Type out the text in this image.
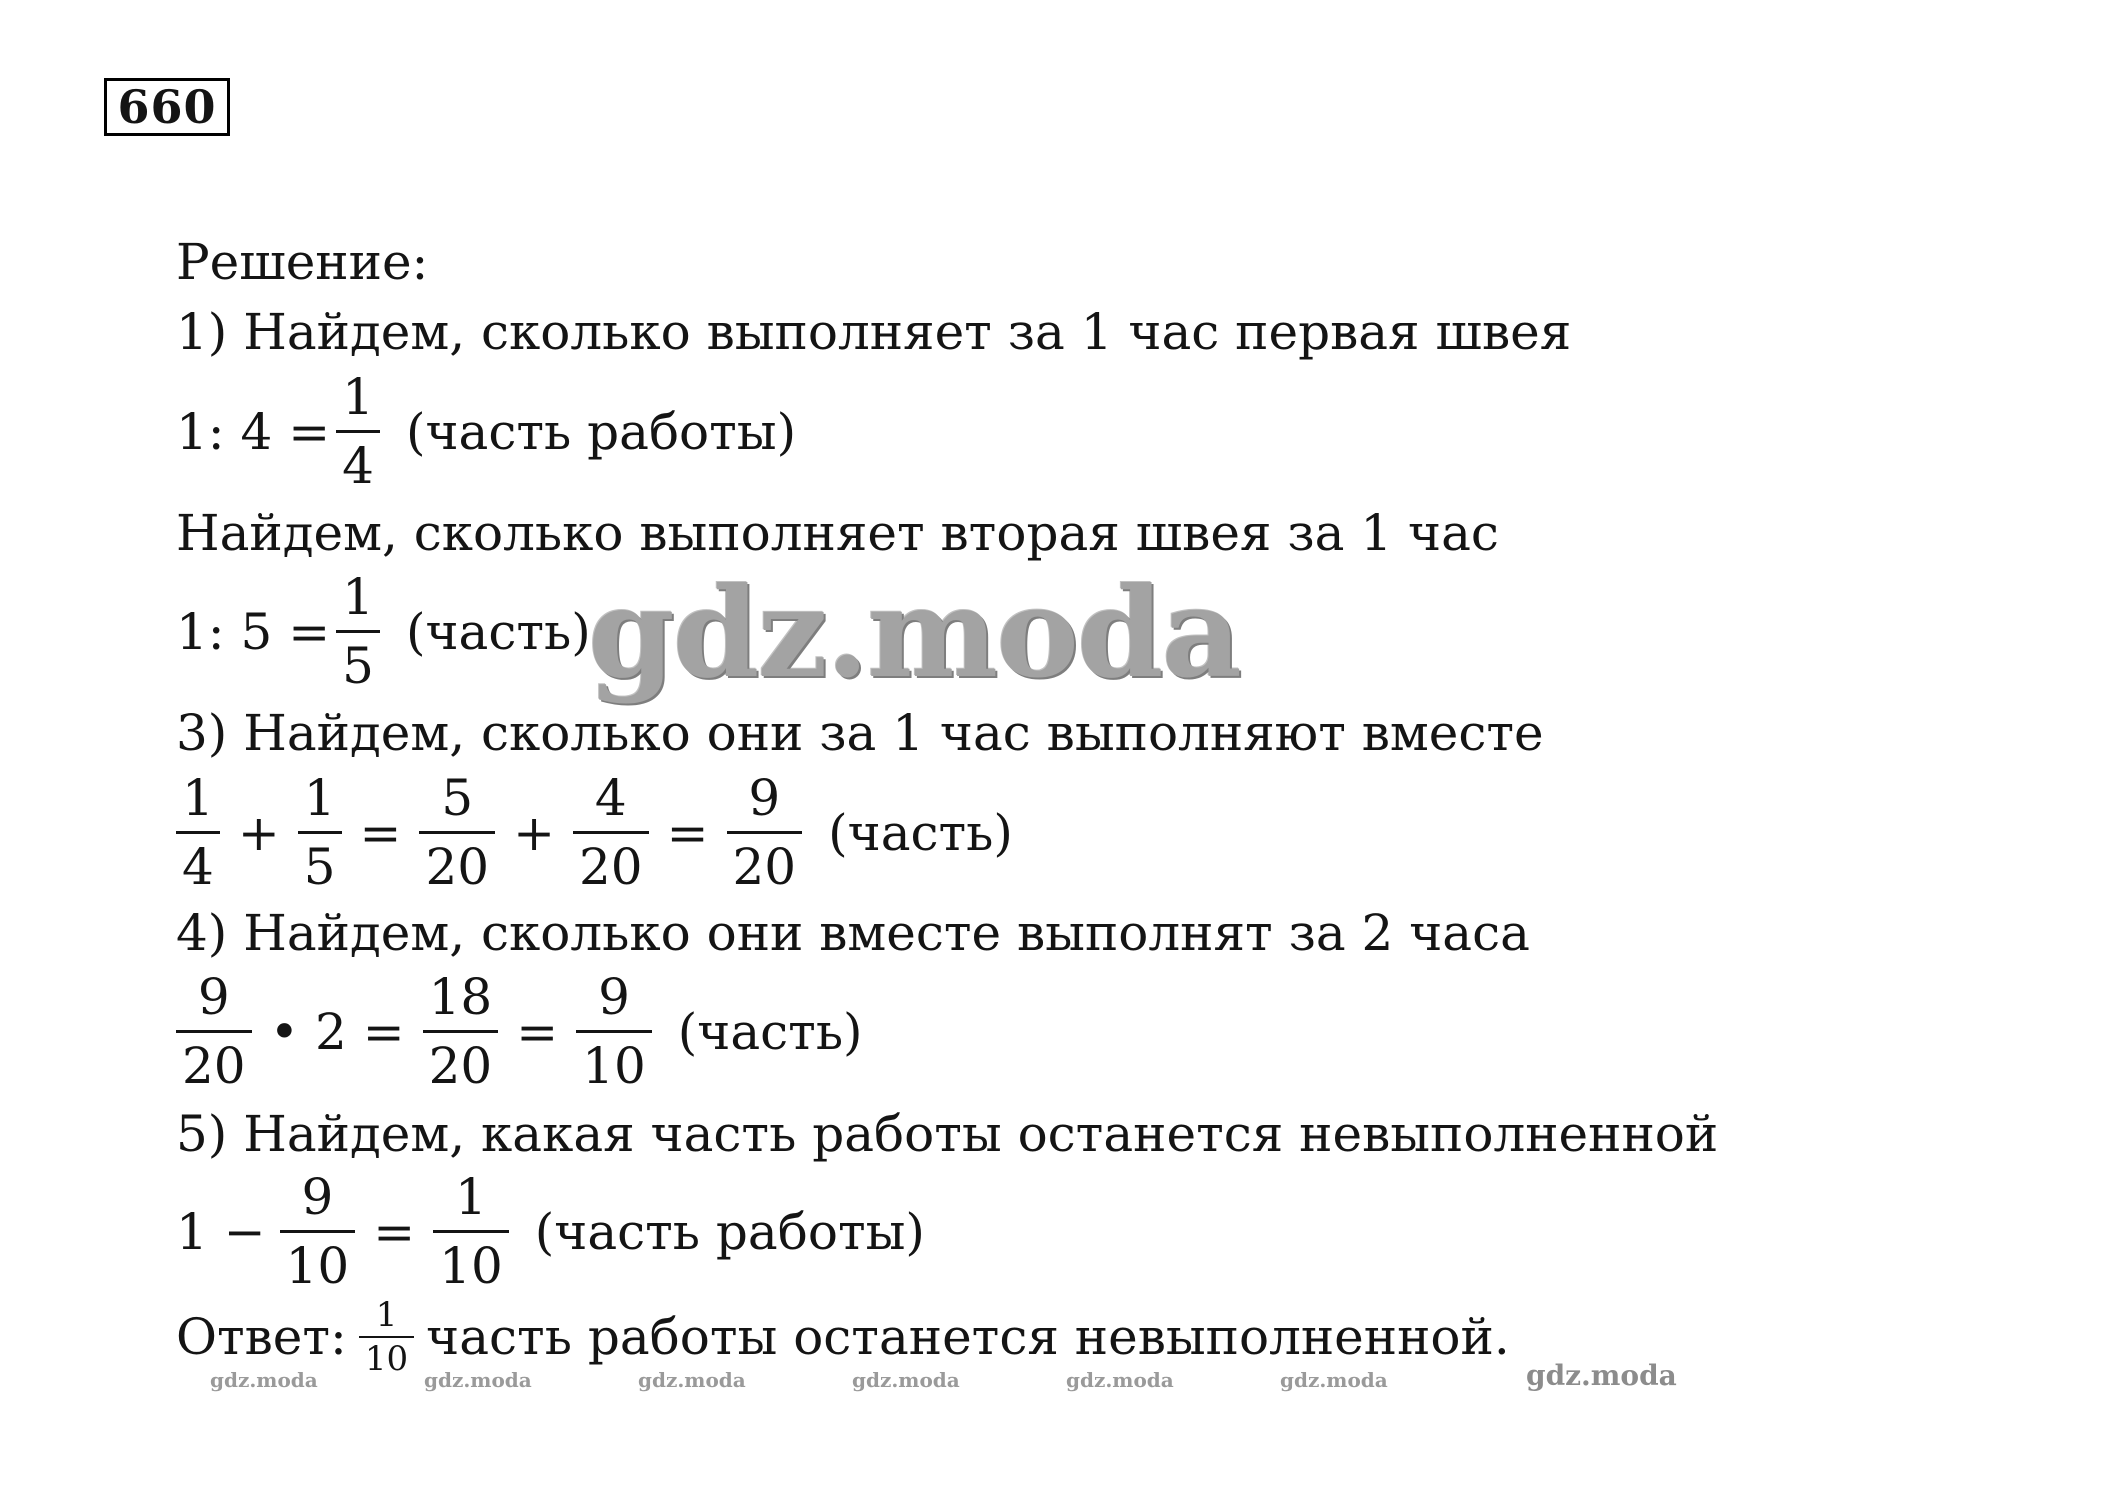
660
Решение:
1) Найдем, сколько выполняет за 1 час первая швея
1: $4 = \frac{1}{4}$ (часть работы)
Найдем, сколько выполняет вторая швея за 1 час
1: $5 = \frac{1}{5}$ (часть)
3) Найдем, сколько они за 1 час выполняют вместе
$\frac{1}{4} + \frac{1}{5} = \frac{5}{20} + \frac{4}{20} = \frac{9}{20}$ (часть)
4) Найдем, сколько они вместе выполнят за 2 часа
$\frac{9}{20}$ • $2 = \frac{18}{20} = \frac{9}{10}$ (часть)
5) Найдем, какая часть работы останется невыполненной
$1 - \frac{9}{10} = \frac{1}{10}$ (часть работы)
Ответ: $\frac{1}{10}$ часть работы останется невыполненной.
gdz.moda
gdz.moda	gdz.moda	gdz.moda	gdz.moda	gdz.moda	gdz.moda	gdz.moda
